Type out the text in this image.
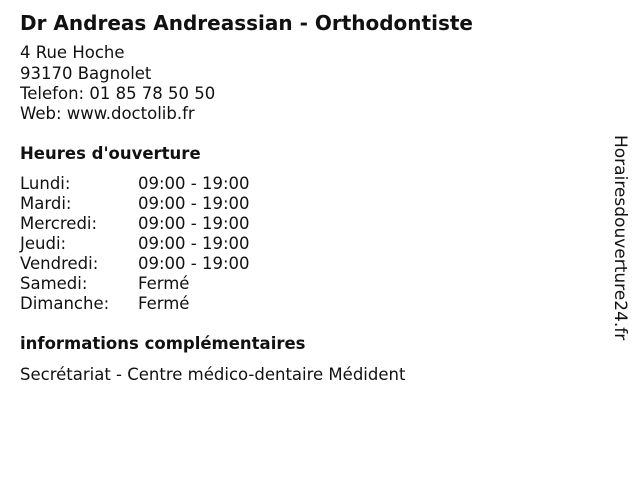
Dr Andreas Andreassian - Orthodontiste
4 Rue Hoche
93170 Bagnolet
Telefon: 01 85 78 50 50
Web: www.doctolib.fr
Heures d'ouverture
Lundi:	09:00 - 19:00
Mardi:	09:00 - 19:00
Mercredi: 09:00 - 19:00
Jeudi:	09:00 - 19:00
Vendredi: 09:00 - 19:00
Samedi:	Fermé
Dimanche: Fermé
informations complémentaires
Secrétariat - Centre médico-dentaire Médident
Horairesdouverture24.fr
